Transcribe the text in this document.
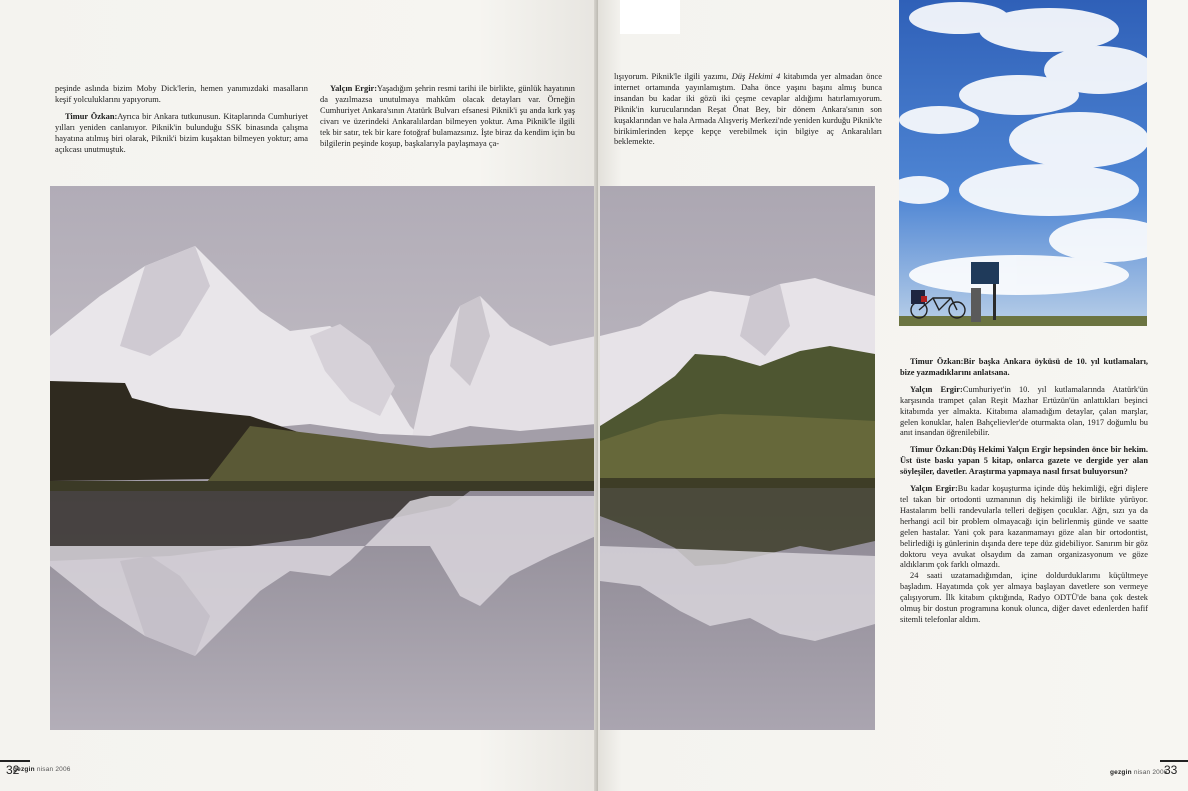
peşinde aslında bizim Moby Dick'lerin, hemen yanımızdaki masalların keşif yolculuklarını yapıyorum.

Timur Özkan:Ayrıca bir Ankara tutkunusun. Kitaplarında Cumhuriyet yılları yeniden canlanıyor. Piknik'in bulunduğu SSK binasında çalışma hayatına atılmış biri olarak, Piknik'i bizim kuşaktan bilmeyen yoktur; ama açıkcası unutmuştuk.

Yalçın Ergir:Yaşadığım şehrin resmi tarihi ile birlikte, günlük hayatının da yazılmazsa unutulmaya mahkûm olacak detayları var. Örneğin Cumhuriyet Ankara'sının Atatürk Bulvarı efsanesi Piknik'i şu anda kırk yaş civarı ve üzerindeki Ankaralılardan bilmeyen yoktur. Ama Piknik'le ilgili tek bir satır, tek bir kare fotoğraf bulamazsınız. İşte biraz da kendim için bu bilgilerin peşinde koşup, başkalarıyla paylaşmaya ça-

32
gezgin nisan 2006

lışıyorum. Piknik'le ilgili yazımı, Düş Hekimi 4 kitabımda yer almadan önce internet ortamında yayınlamıştım. Daha önce yaşını başını almış bunca insandan bu kadar iki gözü iki çeşme cevaplar aldığımı hatırlamıyorum. Piknik'in kurucularından Reşat Önat Bey, bir dönem Ankara'sının son kuşaklarından ve hala Armada Alışveriş Merkezi'nde yeniden kurduğu Piknik'te birikimlerinden kepçe kepçe verebilmek için bilgiye aç Ankaralıları beklemekte.

Timur Özkan:Bir başka Ankara öyküsü de 10. yıl kutlamaları, bize yazmadıklarını anlatsana.

Yalçın Ergir:Cumhuriyet'in 10. yıl kutlamalarında Atatürk'ün karşısında trampet çalan Reşit Mazhar Ertüzün'ün anlattıkları beşinci kitabımda yer almakta. Kitabıma alamadığım detaylar, çalan marşlar, gelen konuklar, halen Bahçelievler'de oturmakta olan, 1917 doğumlu bu anıt insandan öğrenilebilir.

Timur Özkan:Düş Hekimi Yalçın Ergir hepsinden önce bir hekim. Üst üste baskı yapan 5 kitap, onlarca gazete ve dergide yer alan söyleşiler, davetler. Araştırma yapmaya nasıl fırsat buluyorsun?

Yalçın Ergir:Bu kadar koşuşturma içinde düş hekimliği, eğri dişlere tel takan bir ortodonti uzmanının diş hekimliği ile birlikte yürüyor. Hastalarım belli randevularla telleri değişen çocuklar. Ağrı, sızı ya da herhangi acil bir problem olmayacağı için belirlenmiş günde ve saatte gelen hastalar. Yani çok para kazanmamayı göze alan bir ortodontist, belirlediği iş günlerinin dışında dere tepe düz gidebiliyor. Sanırım bir göz doktoru veya avukat olsaydım da zaman organizasyonum ve göze aldıklarım çok farklı olmazdı.

24 saati uzatamadığımdan, içine doldurduklarımı küçültmeye başladım. Hayatımda çok yer almaya başlayan davetlere son vermeye çalışıyorum. İlk kitabım çıktığında, Radyo ODTÜ'de bana çok destek olmuş bir dostun programına konuk olunca, diğer davet edenlerden hafif sitemli telefonlar aldım.

gezgin nisan 2006
33
